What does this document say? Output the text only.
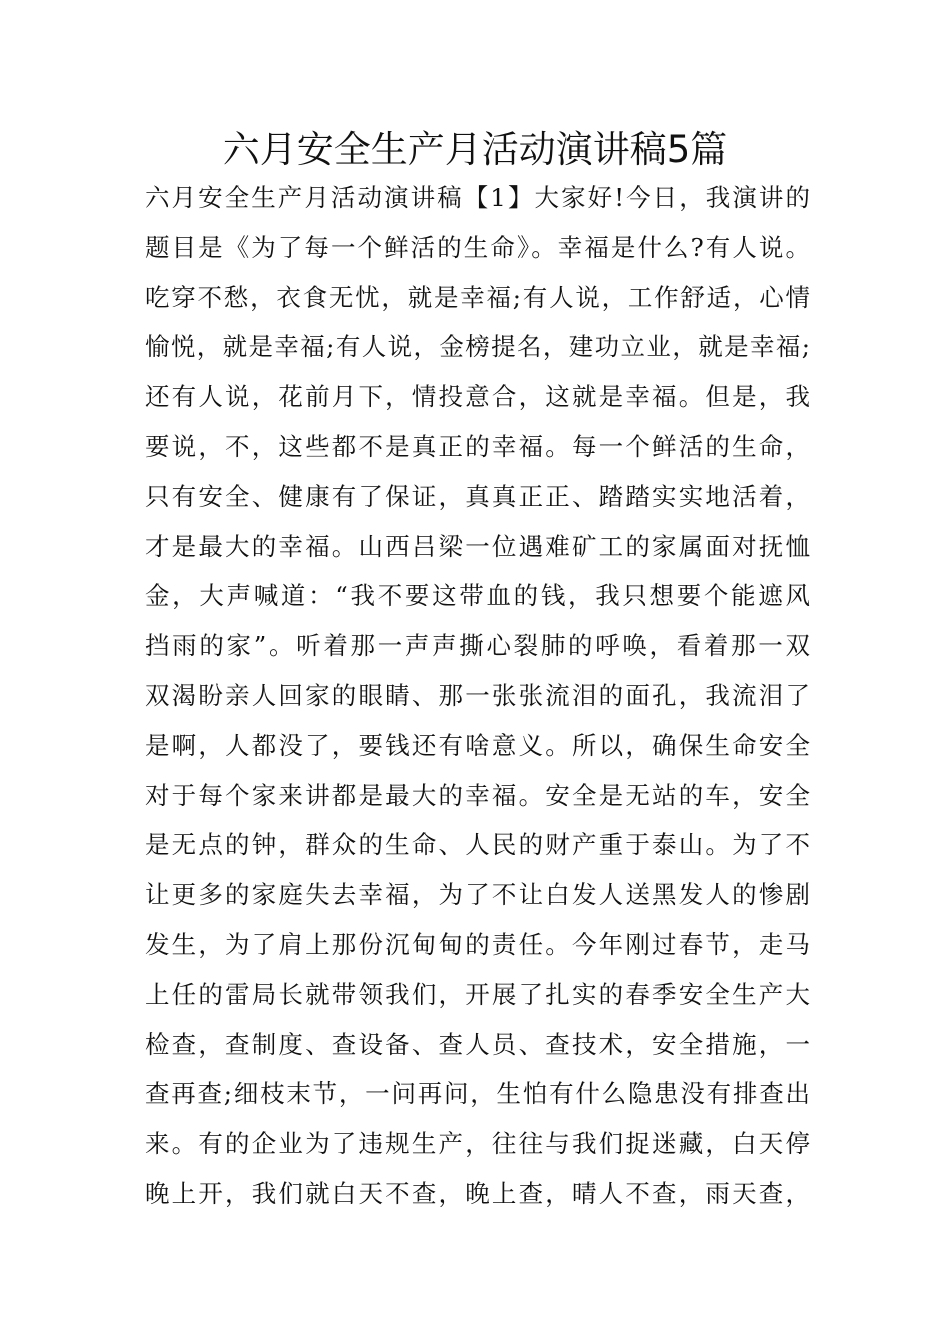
六月安全生产月活动演讲稿5篇
六月安全生产月活动演讲稿【1】大家好!今日，我演讲的
题目是《为了每一个鲜活的生命》。幸福是什么?有人说。
吃穿不愁，衣食无忧，就是幸福;有人说，工作舒适，心情
愉悦，就是幸福;有人说，金榜提名，建功立业，就是幸福;
还有人说，花前月下，情投意合，这就是幸福。但是，我
要说，不，这些都不是真正的幸福。每一个鲜活的生命，
只有安全、健康有了保证，真真正正、踏踏实实地活着，
才是最大的幸福。山西吕梁一位遇难矿工的家属面对抚恤
金，大声喊道：“我不要这带血的钱，我只想要个能遮风
挡雨的家”。听着那一声声撕心裂肺的呼唤，看着那一双
双渴盼亲人回家的眼睛、那一张张流泪的面孔，我流泪了
是啊，人都没了，要钱还有啥意义。所以，确保生命安全
对于每个家来讲都是最大的幸福。安全是无站的车，安全
是无点的钟，群众的生命、人民的财产重于泰山。为了不
让更多的家庭失去幸福，为了不让白发人送黑发人的惨剧
发生，为了肩上那份沉甸甸的责任。今年刚过春节，走马
上任的雷局长就带领我们，开展了扎实的春季安全生产大
检查，查制度、查设备、查人员、查技术，安全措施，一
查再查;细枝末节，一问再问，生怕有什么隐患没有排查出
来。有的企业为了违规生产，往往与我们捉迷藏，白天停
晚上开，我们就白天不查，晚上查，晴人不查，雨天查，
